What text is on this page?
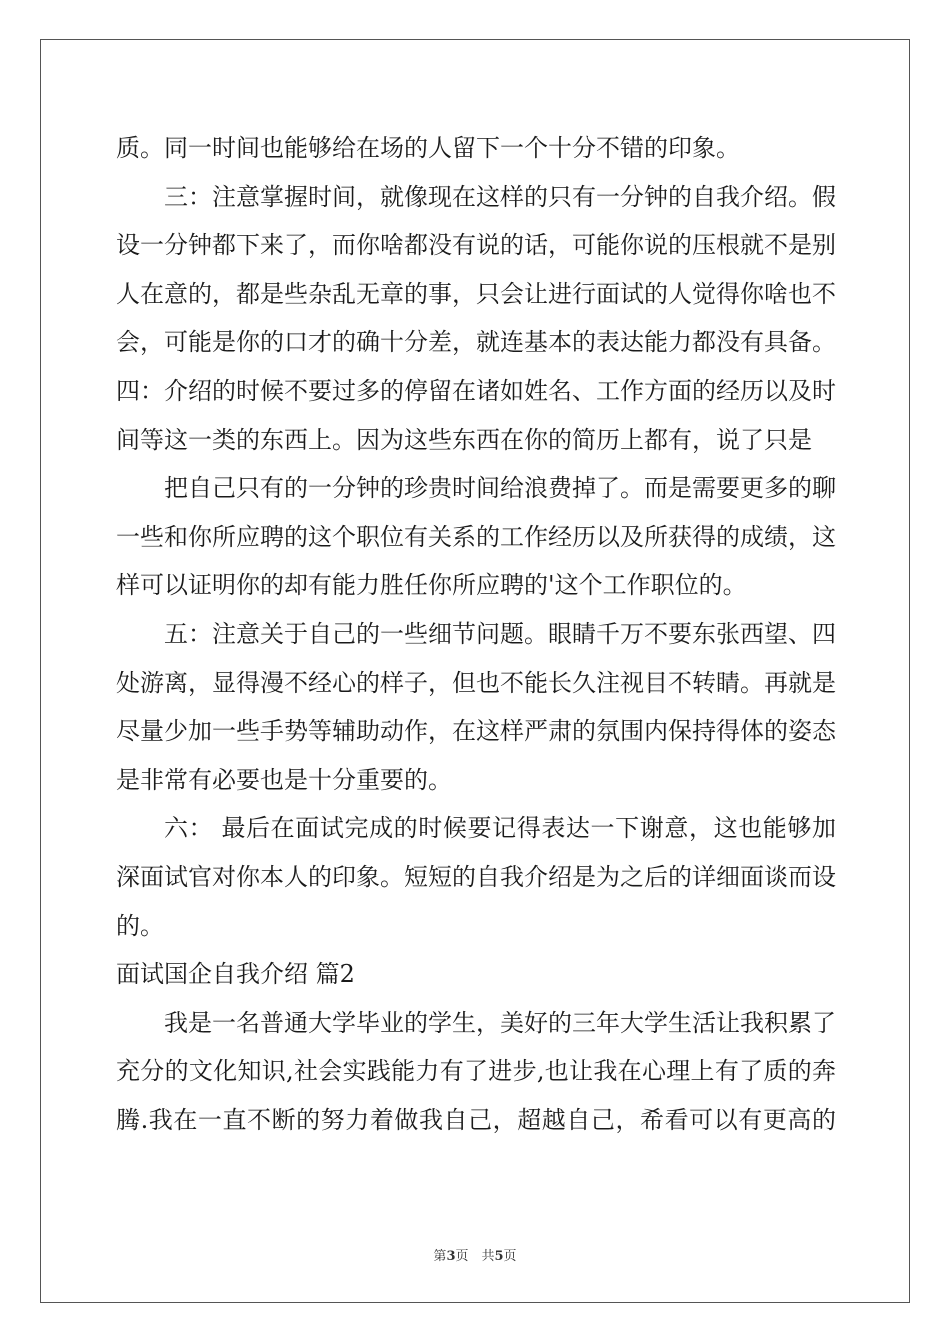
质。同一时间也能够给在场的人留下一个十分不错的印象。
三：注意掌握时间，就像现在这样的只有一分钟的自我介绍。假
设一分钟都下来了，而你啥都没有说的话，可能你说的压根就不是别
人在意的，都是些杂乱无章的事，只会让进行面试的人觉得你啥也不
会，可能是你的口才的确十分差，就连基本的表达能力都没有具备。
四：介绍的时候不要过多的停留在诸如姓名、工作方面的经历以及时
间等这一类的东西上。因为这些东西在你的简历上都有，说了只是
把自己只有的一分钟的珍贵时间给浪费掉了。而是需要更多的聊
一些和你所应聘的这个职位有关系的工作经历以及所获得的成绩，这
样可以证明你的却有能力胜任你所应聘的'这个工作职位的。
五：注意关于自己的一些细节问题。眼睛千万不要东张西望、四
处游离，显得漫不经心的样子，但也不能长久注视目不转睛。再就是
尽量少加一些手势等辅助动作，在这样严肃的氛围内保持得体的姿态
是非常有必要也是十分重要的。
六： 最后在面试完成的时候要记得表达一下谢意，这也能够加
深面试官对你本人的印象。短短的自我介绍是为之后的详细面谈而设
的。
面试国企自我介绍 篇2
我是一名普通大学毕业的学生，美好的三年大学生活让我积累了
充分的文化知识,社会实践能力有了进步,也让我在心理上有了质的奔
腾.我在一直不断的努力着做我自己，超越自己，希看可以有更高的
第3页　共5页
